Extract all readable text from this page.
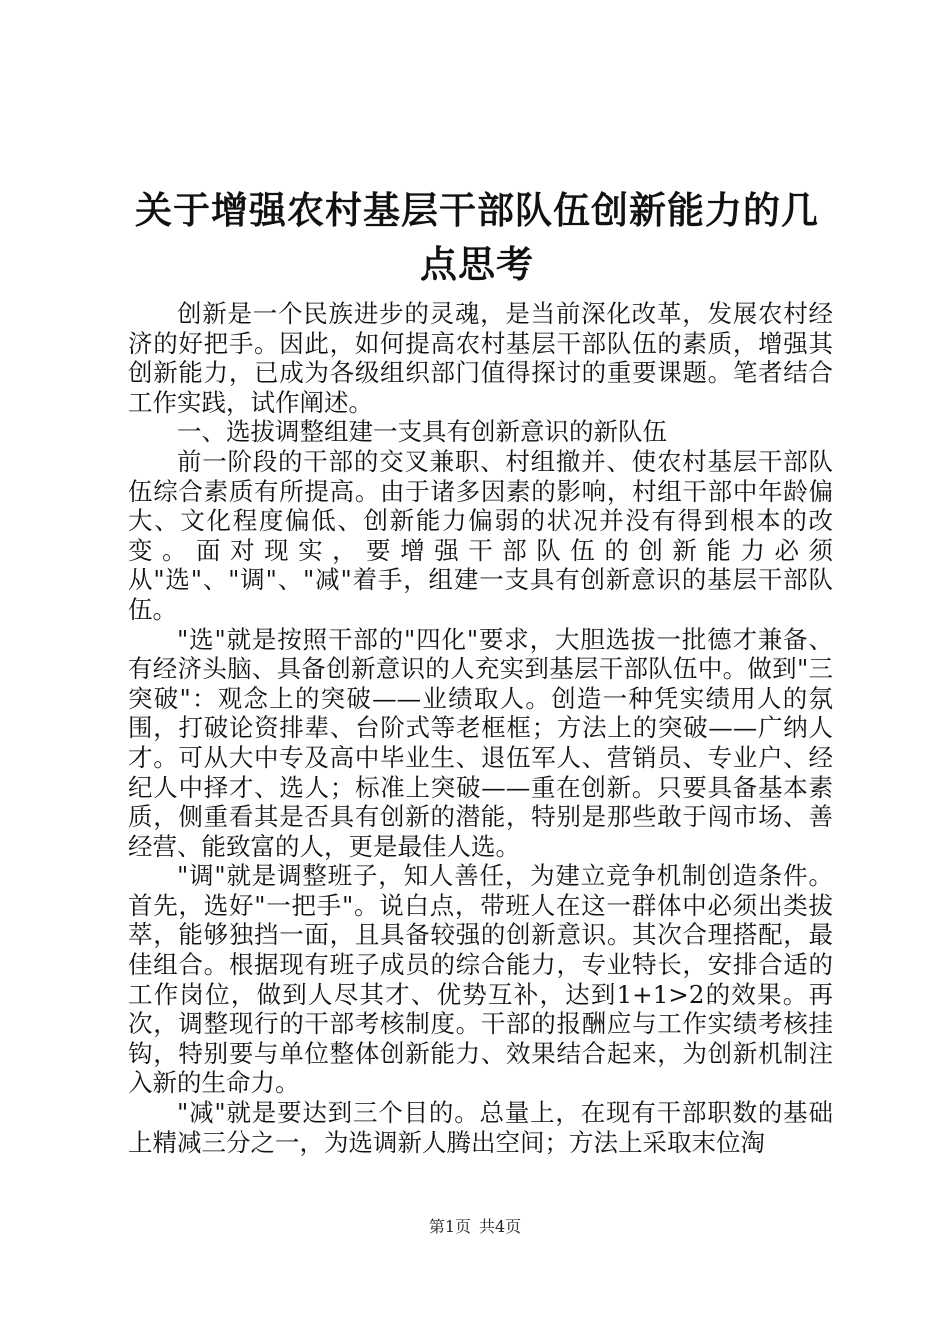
关于增强农村基层干部队伍创新能力的几点思考

创新是一个民族进步的灵魂，是当前深化改革，发展农村经济的好把手。因此，如何提高农村基层干部队伍的素质，增强其创新能力，已成为各级组织部门值得探讨的重要课题。笔者结合工作实践，试作阐述。

一、选拔调整组建一支具有创新意识的新队伍

前一阶段的干部的交叉兼职、村组撤并、使农村基层干部队伍综合素质有所提高。由于诸多因素的影响，村组干部中年龄偏大、文化程度偏低、创新能力偏弱的状况并没有得到根本的改变。面对现实，要增强干部队伍的创新能力必须从"选"、"调"、"减"着手，组建一支具有创新意识的基层干部队伍。

"选"就是按照干部的"四化"要求，大胆选拔一批德才兼备、有经济头脑、具备创新意识的人充实到基层干部队伍中。做到"三突破"：观念上的突破——业绩取人。创造一种凭实绩用人的氛围，打破论资排辈、台阶式等老框框；方法上的突破——广纳人才。可从大中专及高中毕业生、退伍军人、营销员、专业户、经纪人中择才、选人；标准上突破——重在创新。只要具备基本素质，侧重看其是否具有创新的潜能，特别是那些敢于闯市场、善经营、能致富的人，更是最佳人选。

"调"就是调整班子，知人善任，为建立竞争机制创造条件。首先，选好"一把手"。说白点，带班人在这一群体中必须出类拔萃，能够独挡一面，且具备较强的创新意识。其次合理搭配，最佳组合。根据现有班子成员的综合能力，专业特长，安排合适的工作岗位，做到人尽其才、优势互补，达到1+1>2的效果。再次，调整现行的干部考核制度。干部的报酬应与工作实绩考核挂钩，特别要与单位整体创新能力、效果结合起来，为创新机制注入新的生命力。

"减"就是要达到三个目的。总量上，在现有干部职数的基础上精减三分之一，为选调新人腾出空间；方法上采取末位淘

第1页 共4页
